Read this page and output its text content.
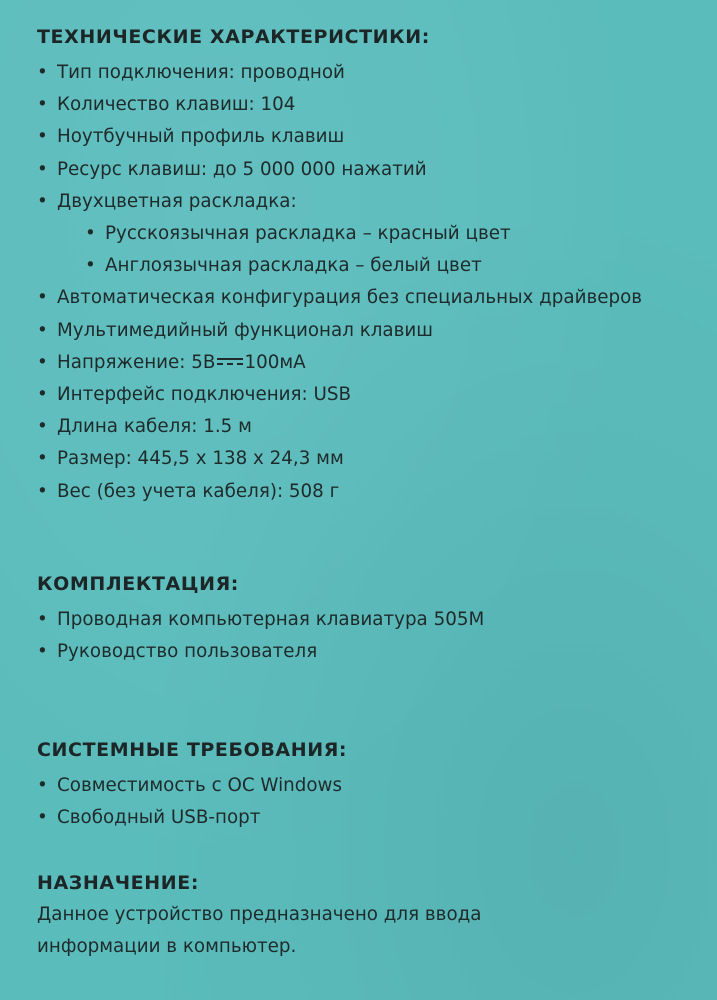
ТЕХНИЧЕСКИЕ ХАРАКТЕРИСТИКИ:
• Тип подключения: проводной
• Количество клавиш: 104
• Ноутбучный профиль клавиш
• Ресурс клавиш: до 5 000 000 нажатий
• Двухцветная раскладка:
• Русскоязычная раскладка – красный цвет
• Англоязычная раскладка – белый цвет
• Автоматическая конфигурация без специальных драйверов
• Мультимедийный функционал клавиш
• Напряжение: 5В 100мА
• Интерфейс подключения: USB
• Длина кабеля: 1.5 м
• Размер: 445,5 x 138 x 24,3 мм
• Вес (без учета кабеля): 508 г
КОМПЛЕКТАЦИЯ:
• Проводная компьютерная клавиатура 505M
• Руководство пользователя
СИСТЕМНЫЕ ТРЕБОВАНИЯ:
• Совместимость с ОС Windows
• Свободный USB-порт
НАЗНАЧЕНИЕ:

Данное устройство предназначено для ввода

информации в компьютер.
